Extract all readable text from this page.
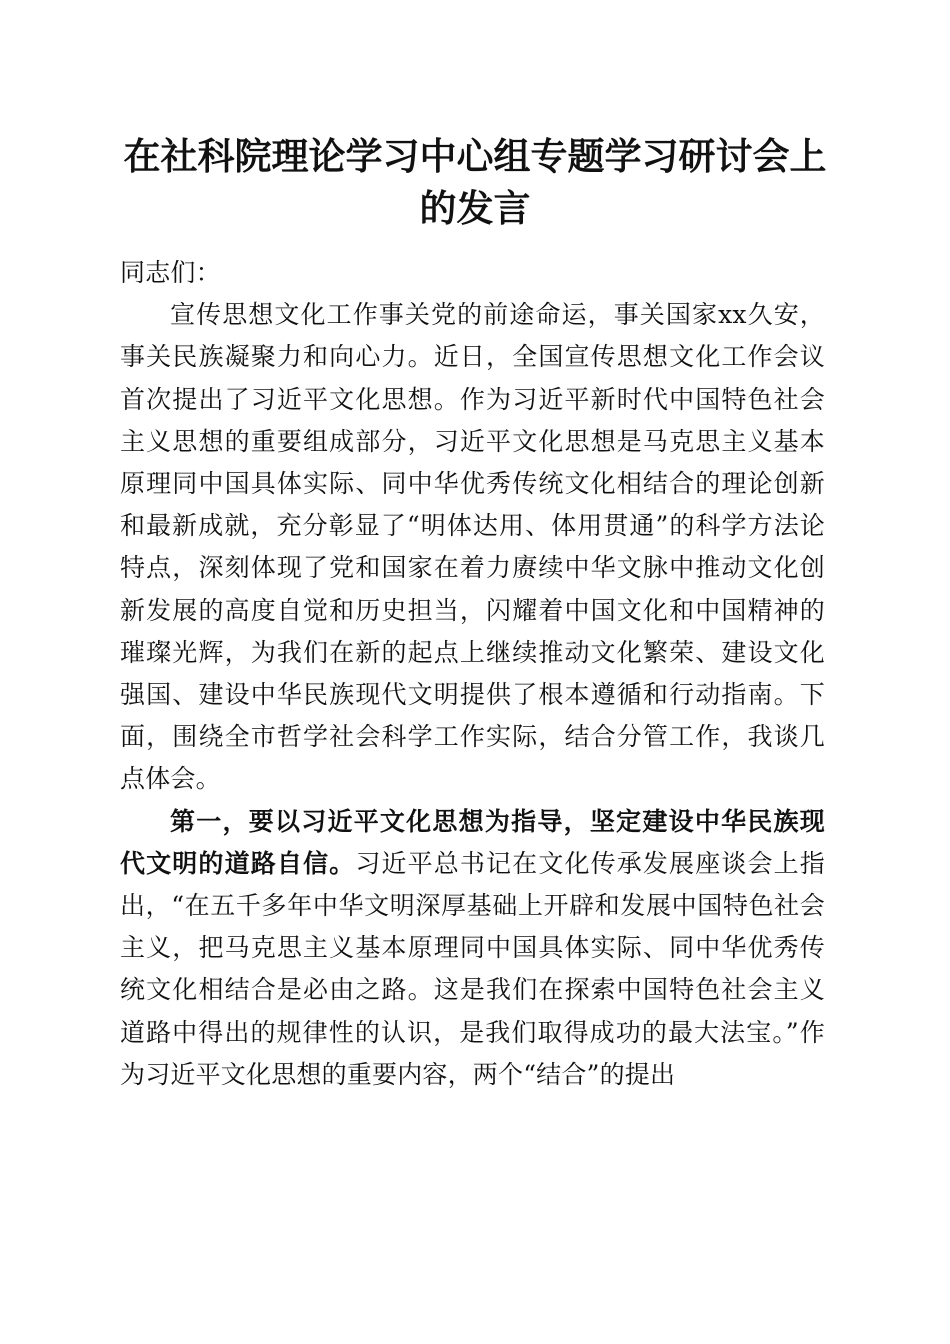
在社科院理论学习中心组专题学习研讨会上的发言

同志们：

宣传思想文化工作事关党的前途命运，事关国家xx久安，事关民族凝聚力和向心力。近日，全国宣传思想文化工作会议首次提出了习近平文化思想。作为习近平新时代中国特色社会主义思想的重要组成部分，习近平文化思想是马克思主义基本原理同中国具体实际、同中华优秀传统文化相结合的理论创新和最新成就，充分彰显了“明体达用、体用贯通”的科学方法论特点，深刻体现了党和国家在着力赓续中华文脉中推动文化创新发展的高度自觉和历史担当，闪耀着中国文化和中国精神的璀璨光辉，为我们在新的起点上继续推动文化繁荣、建设文化强国、建设中华民族现代文明提供了根本遵循和行动指南。下面，围绕全市哲学社会科学工作实际，结合分管工作，我谈几点体会。

第一，要以习近平文化思想为指导，坚定建设中华民族现代文明的道路自信。习近平总书记在文化传承发展座谈会上指出，“在五千多年中华文明深厚基础上开辟和发展中国特色社会主义，把马克思主义基本原理同中国具体实际、同中华优秀传统文化相结合是必由之路。这是我们在探索中国特色社会主义道路中得出的规律性的认识，是我们取得成功的最大法宝。”作为习近平文化思想的重要内容，两个“结合”的提出
